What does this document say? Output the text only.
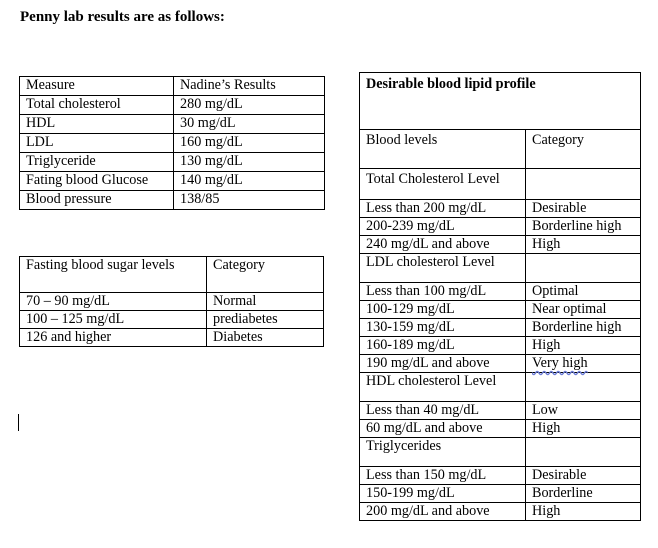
Penny lab results are as follows:
Measure	Nadine’s Results
Total cholesterol	280 mg/dL
HDL	30 mg/dL
LDL	160 mg/dL
Triglyceride	130 mg/dL
Fating blood Glucose	140 mg/dL
Blood pressure	138/85
Fasting blood sugar levels	Category
70 – 90 mg/dL	Normal
100 – 125 mg/dL	prediabetes
126 and higher	Diabetes
Desirable blood lipid profile	
Blood levels	Category
Total Cholesterol Level	
Less than 200 mg/dL	Desirable
200-239 mg/dL	Borderline high
240 mg/dL and above	High
LDL cholesterol Level	
Less than 100 mg/dL	Optimal
100-129 mg/dL	Near optimal
130-159 mg/dL	Borderline high
160-189 mg/dL	High
190 mg/dL and above	Very high
HDL cholesterol Level	
Less than 40 mg/dL	Low
60 mg/dL and above	High
Triglycerides	
Less than 150 mg/dL	Desirable
150-199 mg/dL	Borderline
200 mg/dL and above	High
